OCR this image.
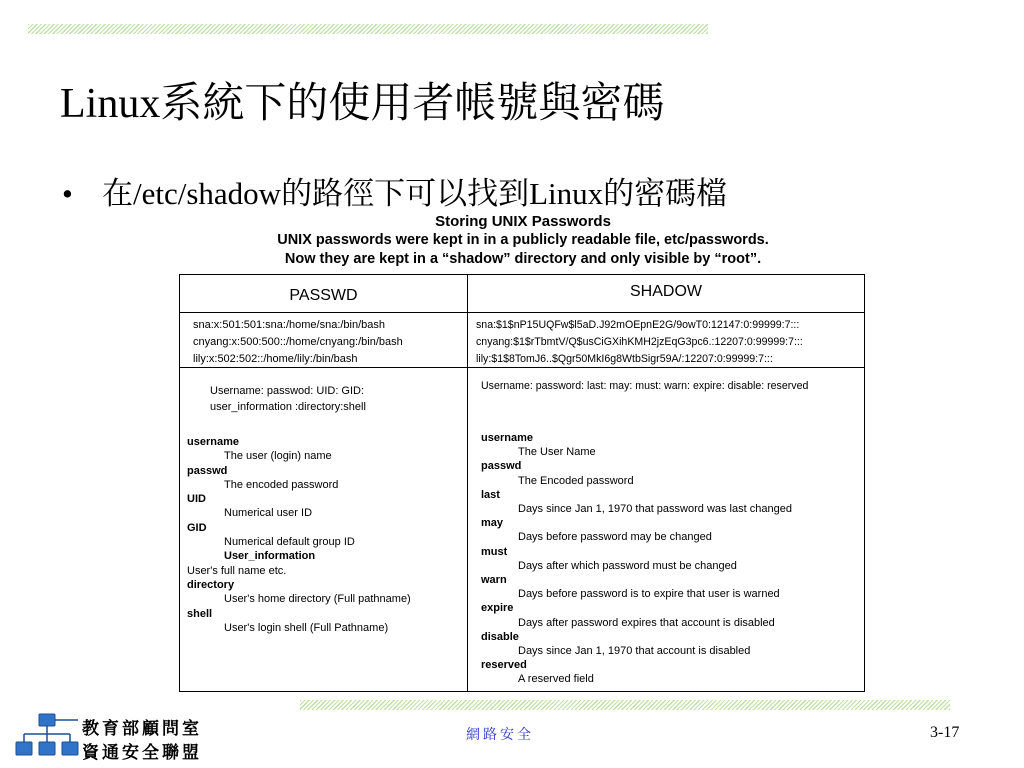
Linux系統下的使用者帳號與密碼
• 在/etc/shadow的路徑下可以找到Linux的密碼檔
Storing UNIX Passwords
UNIX passwords were kept in in a publicly readable file, etc/passwords.
Now they are kept in a “shadow” directory and only visible by “root”.
PASSWD	SHADOW
sna:x:501:501:sna:/home/sna:/bin/bash
cnyang:x:500:500::/home/cnyang:/bin/bash
lily:x:502:502::/home/lily:/bin/bash
sna:$1$nP15UQFw$l5aD.J92mOEpnE2G/9owT0:12147:0:99999:7:::
cnyang:$1$rTbmtV/Q$usCiGXihKMH2jzEqG3pc6.:12207:0:99999:7:::
lily:$1$8TomJ6..$Qgr50MkI6g8WtbSigr59A/:12207:0:99999:7:::
Username: passwod: UID: GID:
user_information :directory:shell
Username: password: last: may: must: warn: expire: disable: reserved
username
The user (login) name
passwd
The encoded password
UID
Numerical user ID
GID
Numerical default group ID
User_information
User's full name etc.
directory
User's home directory (Full pathname)
shell
User's login shell (Full Pathname)
username
The User Name
passwd
The Encoded password
last
Days since Jan 1, 1970 that password was last changed
may
Days before password may be changed
must
Days after which password must be changed
warn
Days before password is to expire that user is warned
expire
Days after password expires that account is disabled
disable
Days since Jan 1, 1970 that account is disabled
reserved
A reserved field
教育部顧問室
資通安全聯盟
網路安全	3-17
